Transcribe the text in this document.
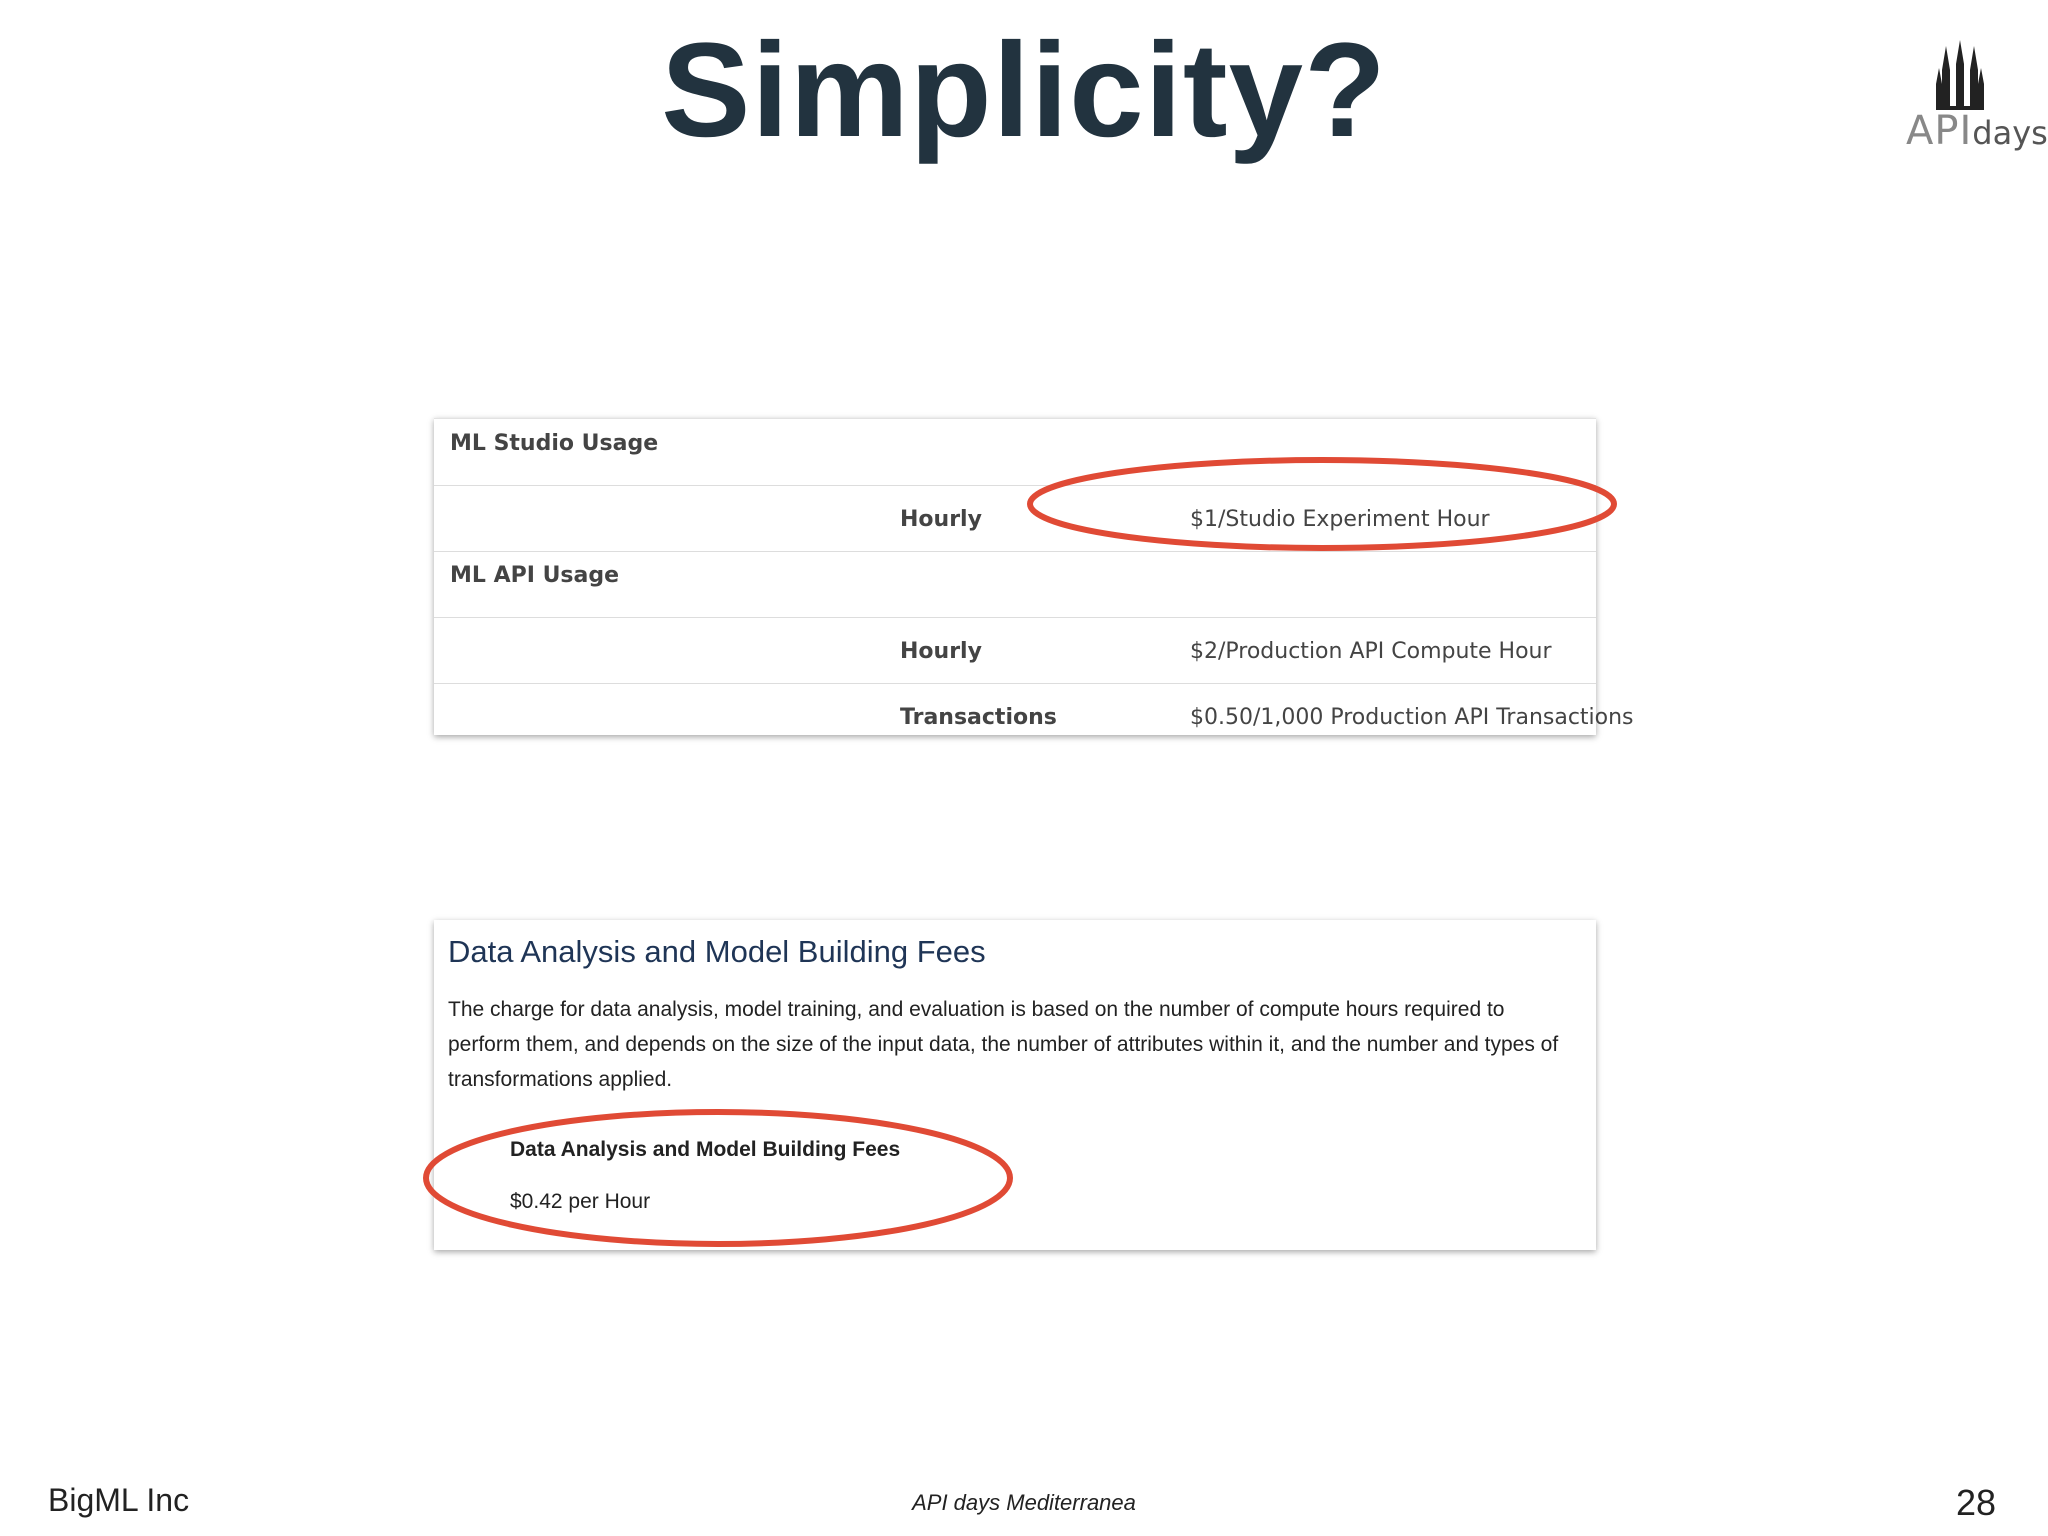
Simplicity?	APIdays
ML Studio Usage
Hourly	$1/Studio Experiment Hour
ML API Usage
Hourly	$2/Production API Compute Hour
Transactions	$0.50/1,000 Production API Transactions
Data Analysis and Model Building Fees
The charge for data analysis, model training, and evaluation is based on the number of compute hours required to perform them, and depends on the size of the input data, the number of attributes within it, and the number and types of transformations applied.
Data Analysis and Model Building Fees
$0.42 per Hour
BigML Inc	API days Mediterranea	28
